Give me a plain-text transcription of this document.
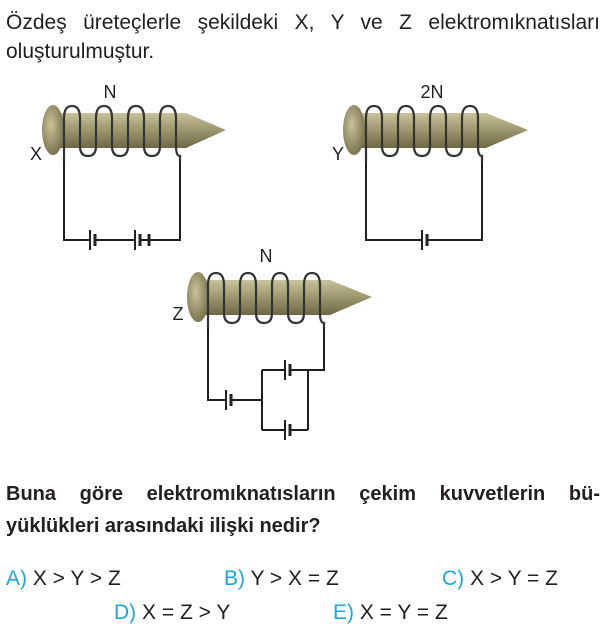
Özdeş üreteçlerle şekildeki X, Y ve Z elektromıknatısları
oluşturulmuştur.
N
X
2N
Y
N
Z
Buna göre elektromıknatısların çekim kuvvetlerin bü-
yüklükleri arasındaki ilişki nedir?
A) X > Y > Z	B) Y > X = Z	C) X > Y = Z
D) X = Z > Y	E) X = Y = Z
